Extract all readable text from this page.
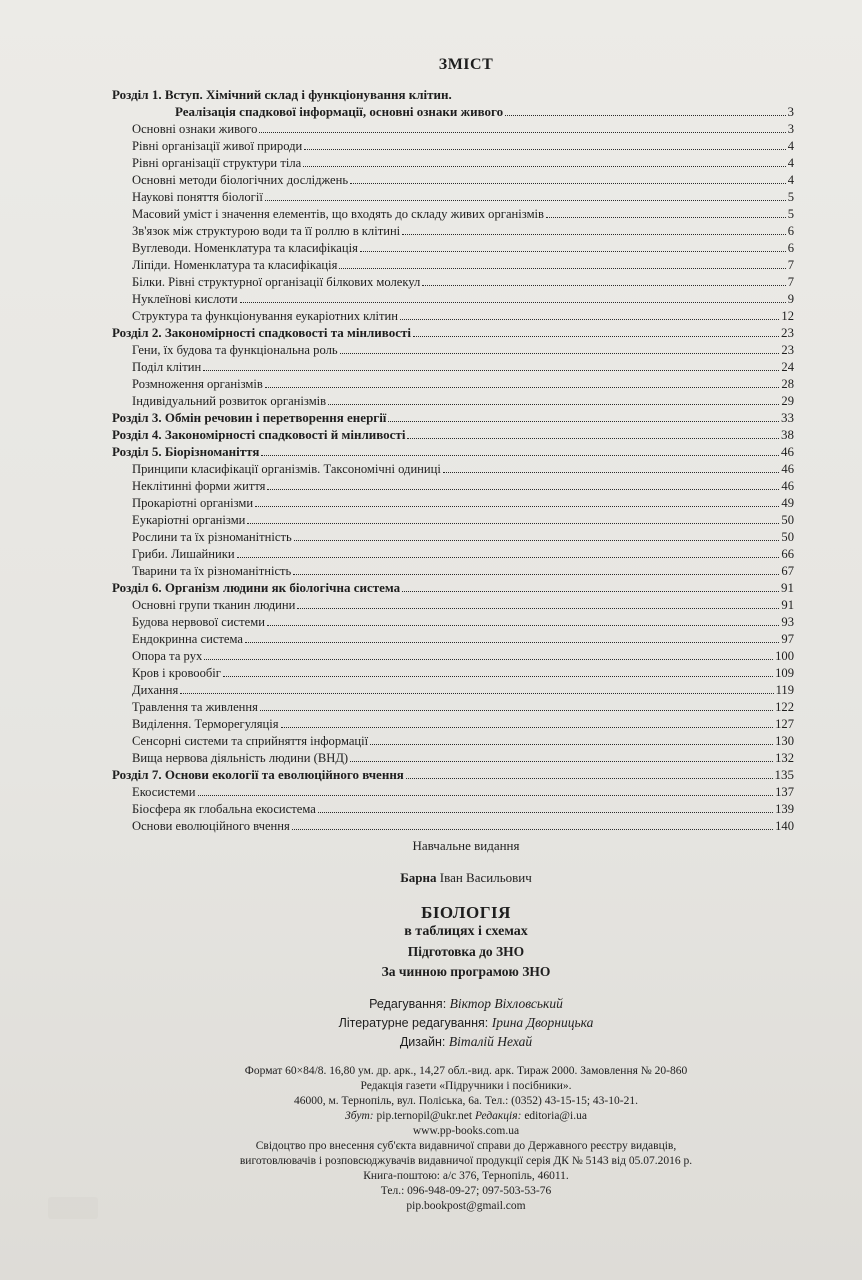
ЗМІСТ
Розділ 1. Вступ. Хімічний склад і функціонування клітин.
Реалізація спадкової інформації, основні ознаки живого	3
Основні ознаки живого	3
Рівні організації живої природи	4
Рівні організації структури тіла	4
Основні методи біологічних досліджень	4
Наукові поняття біології	5
Масовий уміст і значення елементів, що входять до складу живих організмів	5
Зв'язок між структурою води та її роллю в клітині	6
Вуглеводи. Номенклатура та класифікація	6
Ліпіди. Номенклатура та класифікація	7
Білки. Рівні структурної організації білкових молекул	7
Нуклеїнові кислоти	9
Структура та функціонування еукаріотних клітин	12
Розділ 2. Закономірності спадковості та мінливості	23
Гени, їх будова та функціональна роль	23
Поділ клітин	24
Розмноження організмів	28
Індивідуальний розвиток організмів	29
Розділ 3. Обмін речовин і перетворення енергії	33
Розділ 4. Закономірності спадковості й мінливості	38
Розділ 5. Біорізноманіття	46
Принципи класифікації організмів. Таксономічні одиниці	46
Неклітинні форми життя	46
Прокаріотні організми	49
Еукаріотні організми	50
Рослини та їх різноманітність	50
Гриби. Лишайники	66
Тварини та їх різноманітність	67
Розділ 6. Організм людини як біологічна система	91
Основні групи тканин людини	91
Будова нервової системи	93
Ендокринна система	97
Опора та рух	100
Кров і кровообіг	109
Дихання	119
Травлення та живлення	122
Виділення. Терморегуляція	127
Сенсорні системи та сприйняття інформації	130
Вища нервова діяльність людини (ВНД)	132
Розділ 7. Основи екології та еволюційного вчення	135
Екосистеми	137
Біосфера як глобальна екосистема	139
Основи еволюційного вчення	140
Навчальне видання
Барна Іван Васильович
БІОЛОГІЯ
в таблицях і схемах
Підготовка до ЗНО
За чинною програмою ЗНО
Редагування: Віктор Віхловський
Літературне редагування: Ірина Дворницька
Дизайн: Віталій Нехай
Формат 60×84/8. 16,80 ум. др. арк., 14,27 обл.-вид. арк. Тираж 2000. Замовлення № 20-860
Редакція газети «Підручники і посібники».
46000, м. Тернопіль, вул. Поліська, 6а. Тел.: (0352) 43-15-15; 43-10-21.
Збут: pip.ternopil@ukr.net Редакція: editoria@i.ua
www.pp-books.com.ua
Свідоцтво про внесення суб'єкта видавничої справи до Державного реєстру видавців,
виготовлювачів і розповсюджувачів видавничої продукції серія ДК № 5143 від 05.07.2016 р.
Книга-поштою: а/с 376, Тернопіль, 46011.
Тел.: 096-948-09-27; 097-503-53-76
pip.bookpost@gmail.com
